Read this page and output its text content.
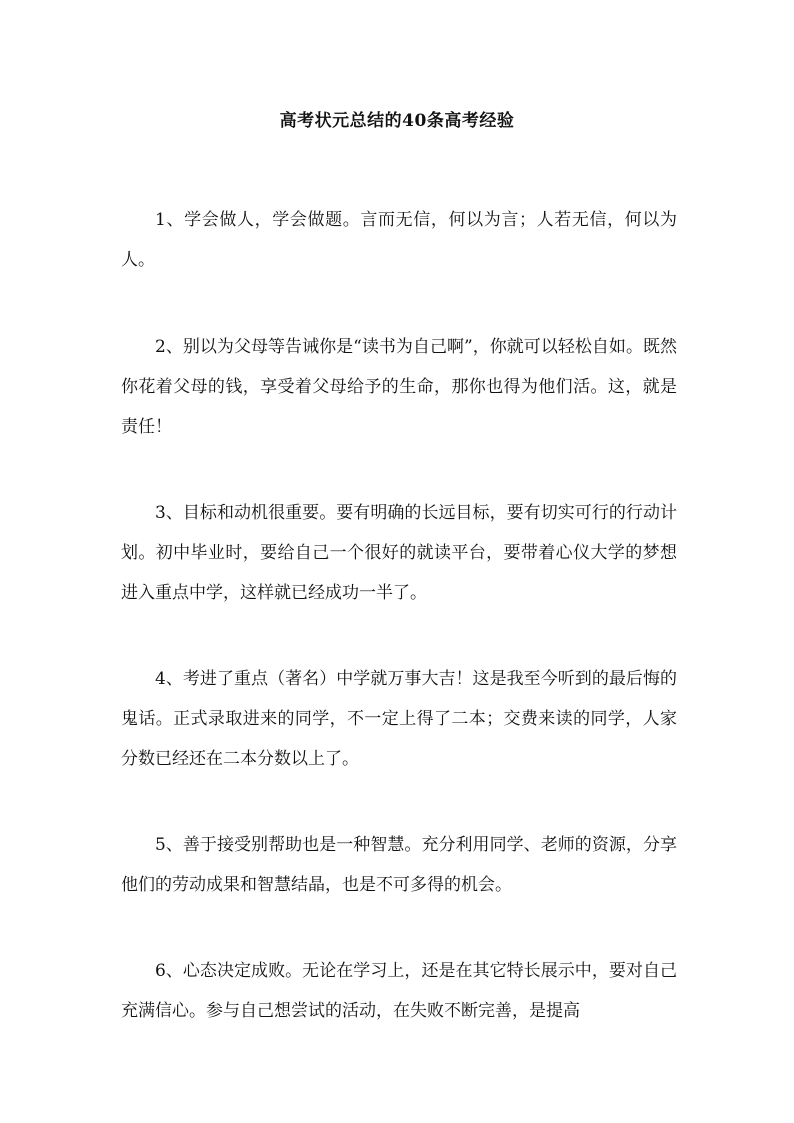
高考状元总结的40条高考经验

1、学会做人，学会做题。言而无信，何以为言；人若无信，何以为人。

2、别以为父母等告诫你是“读书为自己啊”，你就可以轻松自如。既然你花着父母的钱，享受着父母给予的生命，那你也得为他们活。这，就是责任！

3、目标和动机很重要。要有明确的长远目标，要有切实可行的行动计划。初中毕业时，要给自己一个很好的就读平台，要带着心仪大学的梦想进入重点中学，这样就已经成功一半了。

4、考进了重点（著名）中学就万事大吉！这是我至今听到的最后悔的鬼话。正式录取进来的同学，不一定上得了二本；交费来读的同学，人家分数已经还在二本分数以上了。

5、善于接受别帮助也是一种智慧。充分利用同学、老师的资源，分享他们的劳动成果和智慧结晶，也是不可多得的机会。

6、心态决定成败。无论在学习上，还是在其它特长展示中，要对自己充满信心。参与自己想尝试的活动，在失败不断完善，是提高
